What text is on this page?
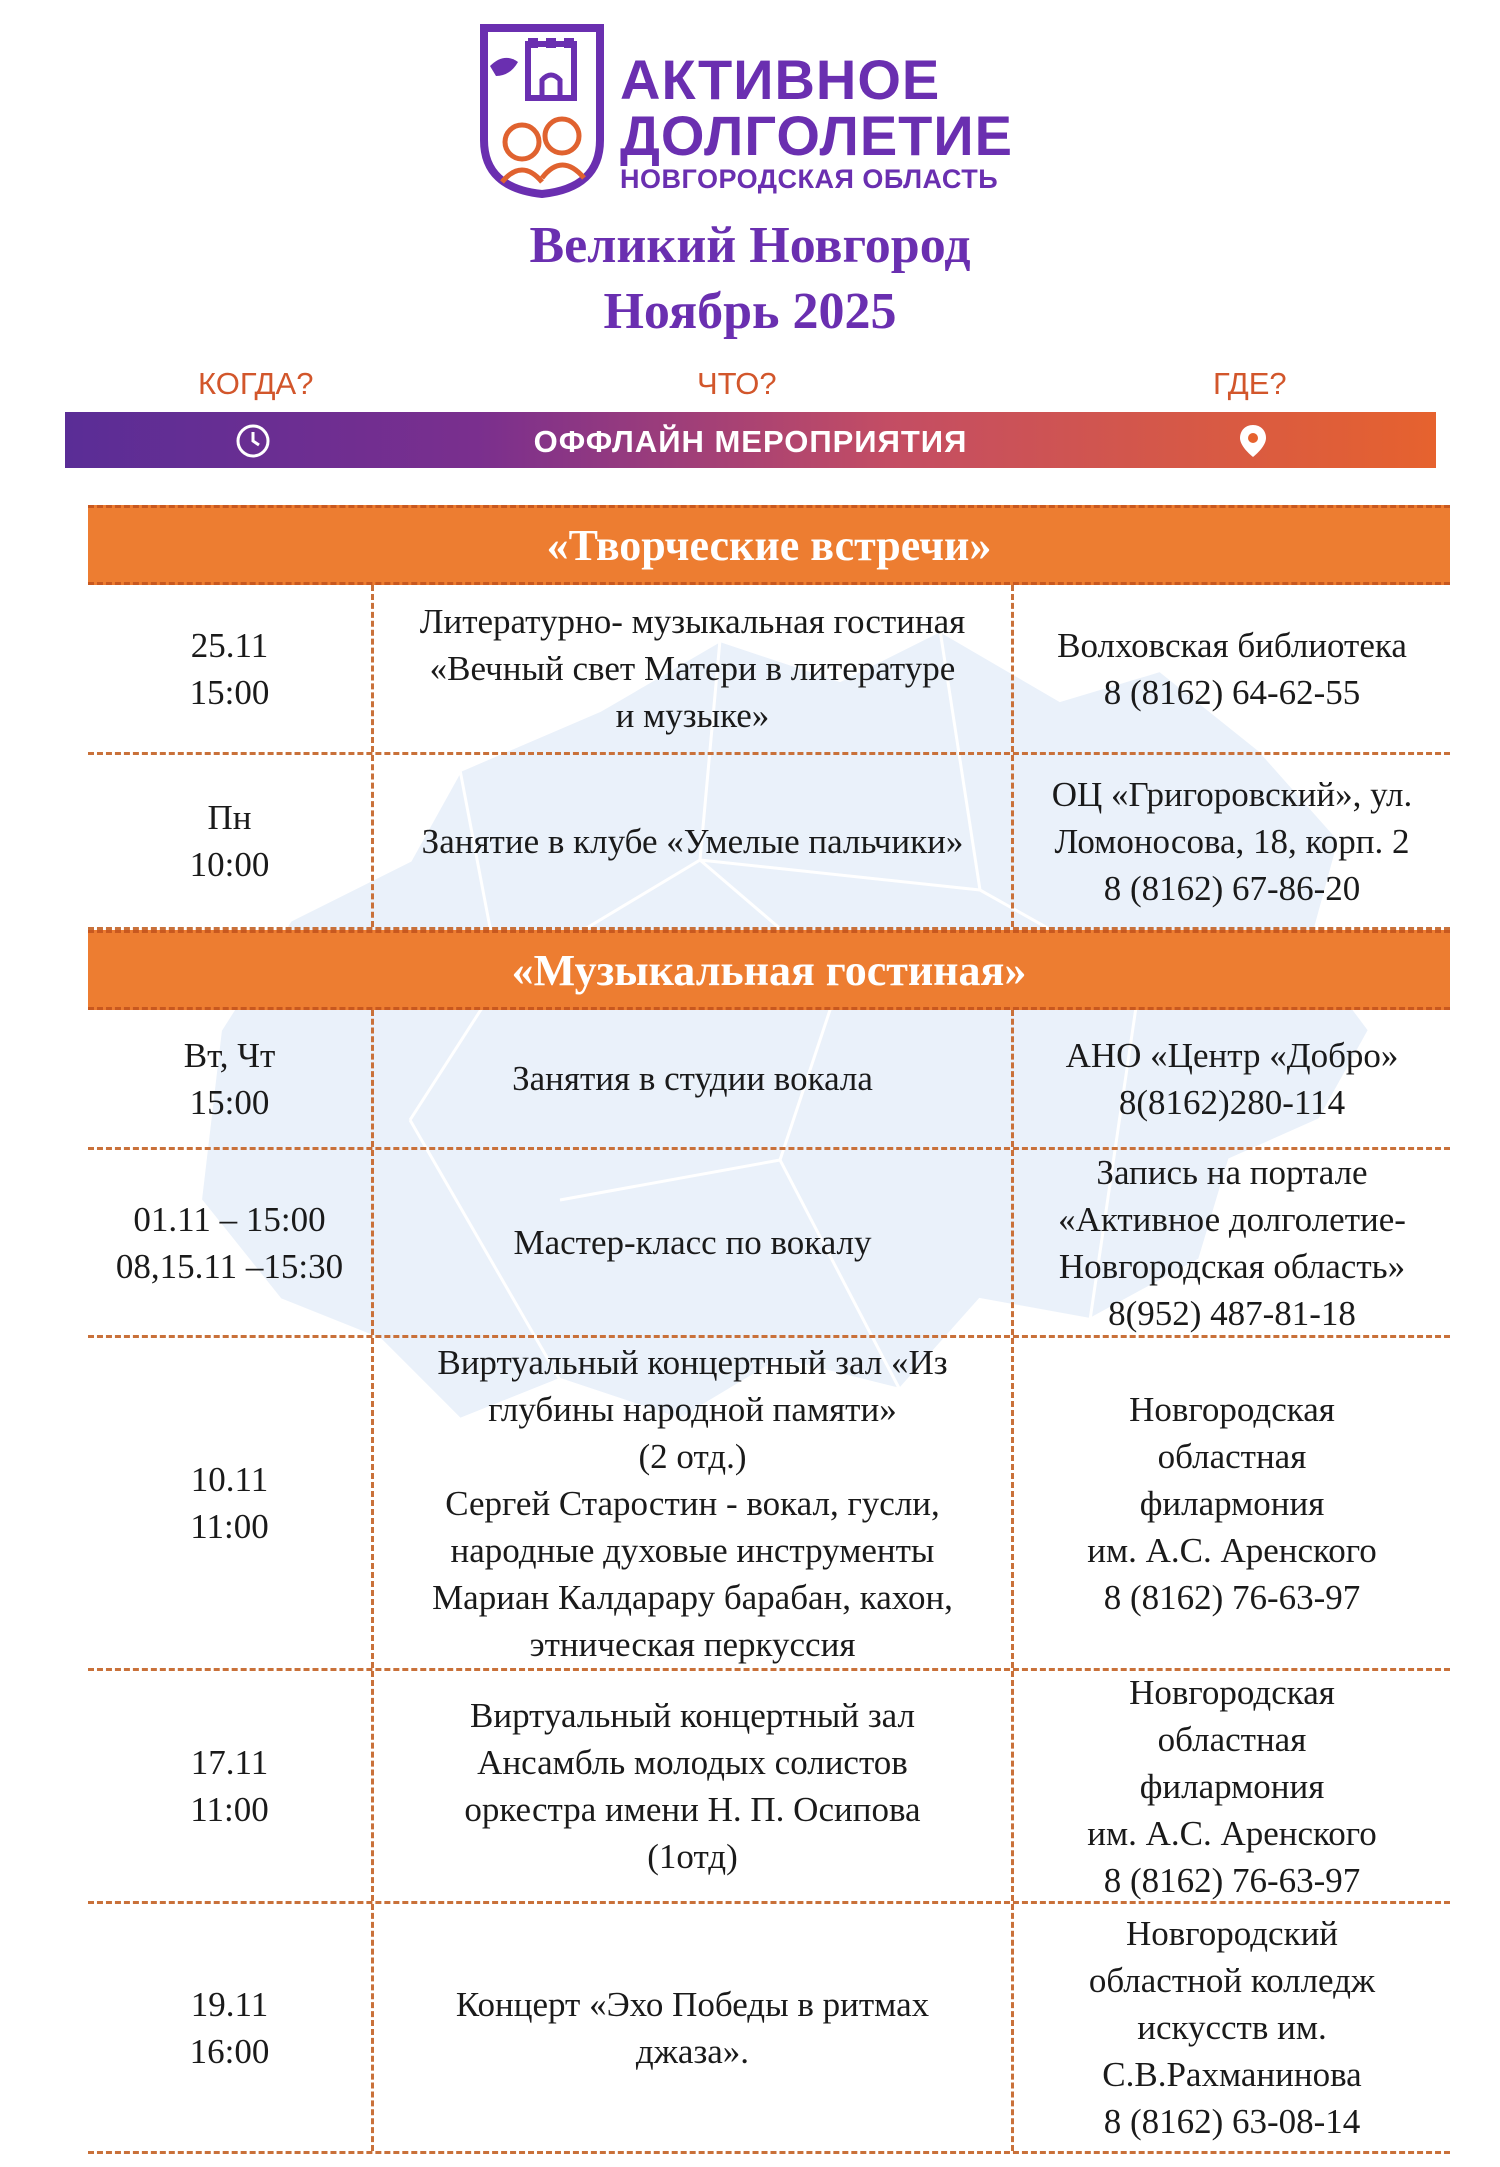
АКТИВНОЕ
ДОЛГОЛЕТИЕ
НОВГОРОДСКАЯ ОБЛАСТЬ
Великий Новгород
Ноябрь 2025
КОГДА?	ЧТО?	ГДЕ?
ОФФЛАЙН МЕРОПРИЯТИЯ
«Творческие встречи»
25.11
15:00
Литературно- музыкальная гостиная
«Вечный свет Матери в литературе
и музыке»
Волховская библиотека
8 (8162) 64-62-55
Пн
10:00
Занятие в клубе «Умелые пальчики»
ОЦ «Григоровский», ул.
Ломоносова, 18, корп. 2
8 (8162) 67-86-20
«Музыкальная гостиная»
Вт, Чт
15:00
Занятия в студии вокала
АНО «Центр «Добро»
8(8162)280-114
01.11 – 15:00
08,15.11 –15:30
Мастер-класс по вокалу
Запись на портале
«Активное долголетие-
Новгородская область»
8(952) 487-81-18
10.11
11:00
Виртуальный концертный зал «Из
глубины народной памяти»
(2 отд.)
Сергей Старостин - вокал, гусли,
народные духовые инструменты
Мариан Калдарару барабан, кахон,
этническая перкуссия
Новгородская
областная
филармония
им. А.С. Аренского
8 (8162) 76-63-97
17.11
11:00
Виртуальный концертный зал
Ансамбль молодых солистов
оркестра имени Н. П. Осипова
(1отд)
Новгородская
областная
филармония
им. А.С. Аренского
8 (8162) 76-63-97
19.11
16:00
Концерт «Эхо Победы в ритмах
джаза».
Новгородский
областной колледж
искусств им.
С.В.Рахманинова
8 (8162) 63-08-14
